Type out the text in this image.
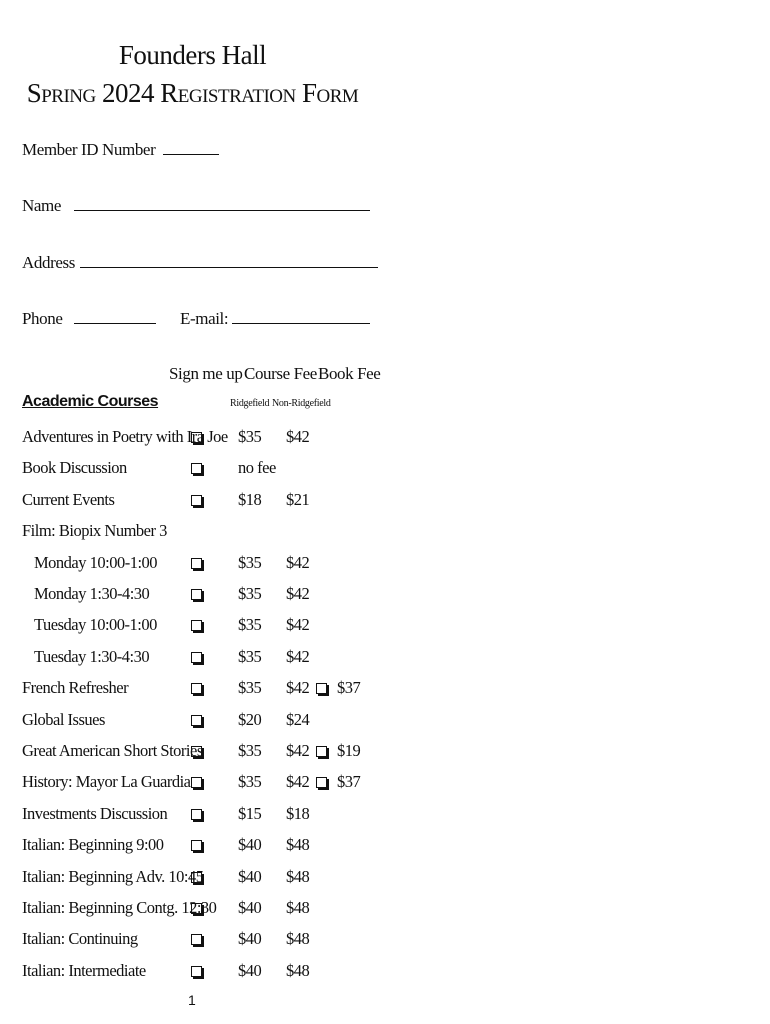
Founders Hall
Spring 2024 Registration Form
Member ID Number
Name
Address
Phone	E-mail:
Sign me up Course Fee Book Fee
Ridgefield Non-Ridgefield
Academic Courses
Adventures in Poetry with Ira Joe $35 $42
Book Discussion	no fee
Current Events	$18 $21
Film: Biopix Number 3
Monday 10:00-1:00	$35 $42
Monday 1:30-4:30	$35 $42
Tuesday 10:00-1:00	$35 $42
Tuesday 1:30-4:30	$35 $42
French Refresher	$35 $42 $37
Global Issues	$20 $24
Great American Short Stories $35 $42 $19
History: Mayor La Guardia	$35 $42 $37
Investments Discussion	$15 $18
Italian: Beginning 9:00	$40 $48
Italian: Beginning Adv. 10:45 $40 $48
Italian: Beginning Contg. 12:30 $40 $48
Italian: Continuing	$40 $48
Italian: Intermediate	$40 $48
1
